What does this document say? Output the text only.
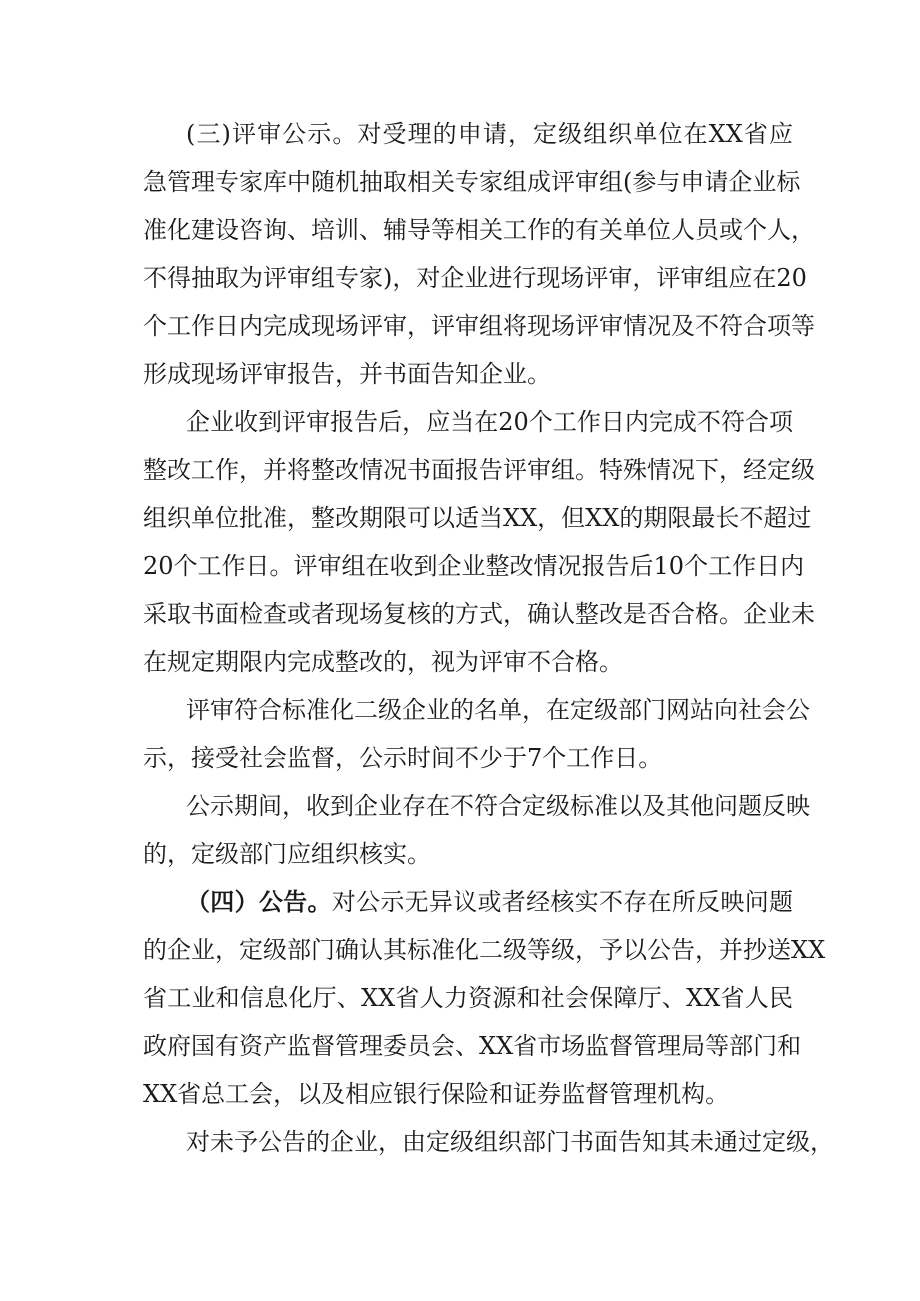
(三)评审公示。对受理的申请，定级组织单位在XX省应
急管理专家库中随机抽取相关专家组成评审组(参与申请企业标
准化建设咨询、培训、辅导等相关工作的有关单位人员或个人，
不得抽取为评审组专家)，对企业进行现场评审，评审组应在20
个工作日内完成现场评审，评审组将现场评审情况及不符合项等
形成现场评审报告，并书面告知企业。
企业收到评审报告后，应当在20个工作日内完成不符合项
整改工作，并将整改情况书面报告评审组。特殊情况下，经定级
组织单位批准，整改期限可以适当XX，但XX的期限最长不超过
20个工作日。评审组在收到企业整改情况报告后10个工作日内
采取书面检查或者现场复核的方式，确认整改是否合格。企业未
在规定期限内完成整改的，视为评审不合格。
评审符合标准化二级企业的名单，在定级部门网站向社会公
示，接受社会监督，公示时间不少于7个工作日。
公示期间，收到企业存在不符合定级标准以及其他问题反映
的，定级部门应组织核实。
（四）公告。对公示无异议或者经核实不存在所反映问题
的企业，定级部门确认其标准化二级等级，予以公告，并抄送XX
省工业和信息化厅、XX省人力资源和社会保障厅、XX省人民
政府国有资产监督管理委员会、XX省市场监督管理局等部门和
XX省总工会，以及相应银行保险和证券监督管理机构。
对未予公告的企业，由定级组织部门书面告知其未通过定级，
